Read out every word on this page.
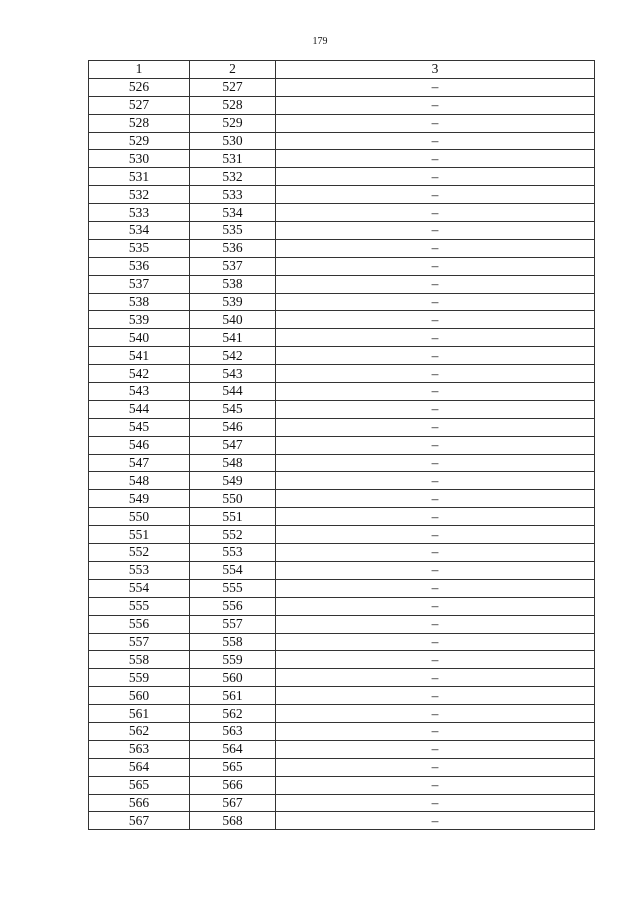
179
1	2	3
526	527	–
527	528	–
528	529	–
529	530	–
530	531	–
531	532	–
532	533	–
533	534	–
534	535	–
535	536	–
536	537	–
537	538	–
538	539	–
539	540	–
540	541	–
541	542	–
542	543	–
543	544	–
544	545	–
545	546	–
546	547	–
547	548	–
548	549	–
549	550	–
550	551	–
551	552	–
552	553	–
553	554	–
554	555	–
555	556	–
556	557	–
557	558	–
558	559	–
559	560	–
560	561	–
561	562	–
562	563	–
563	564	–
564	565	–
565	566	–
566	567	–
567	568	–
